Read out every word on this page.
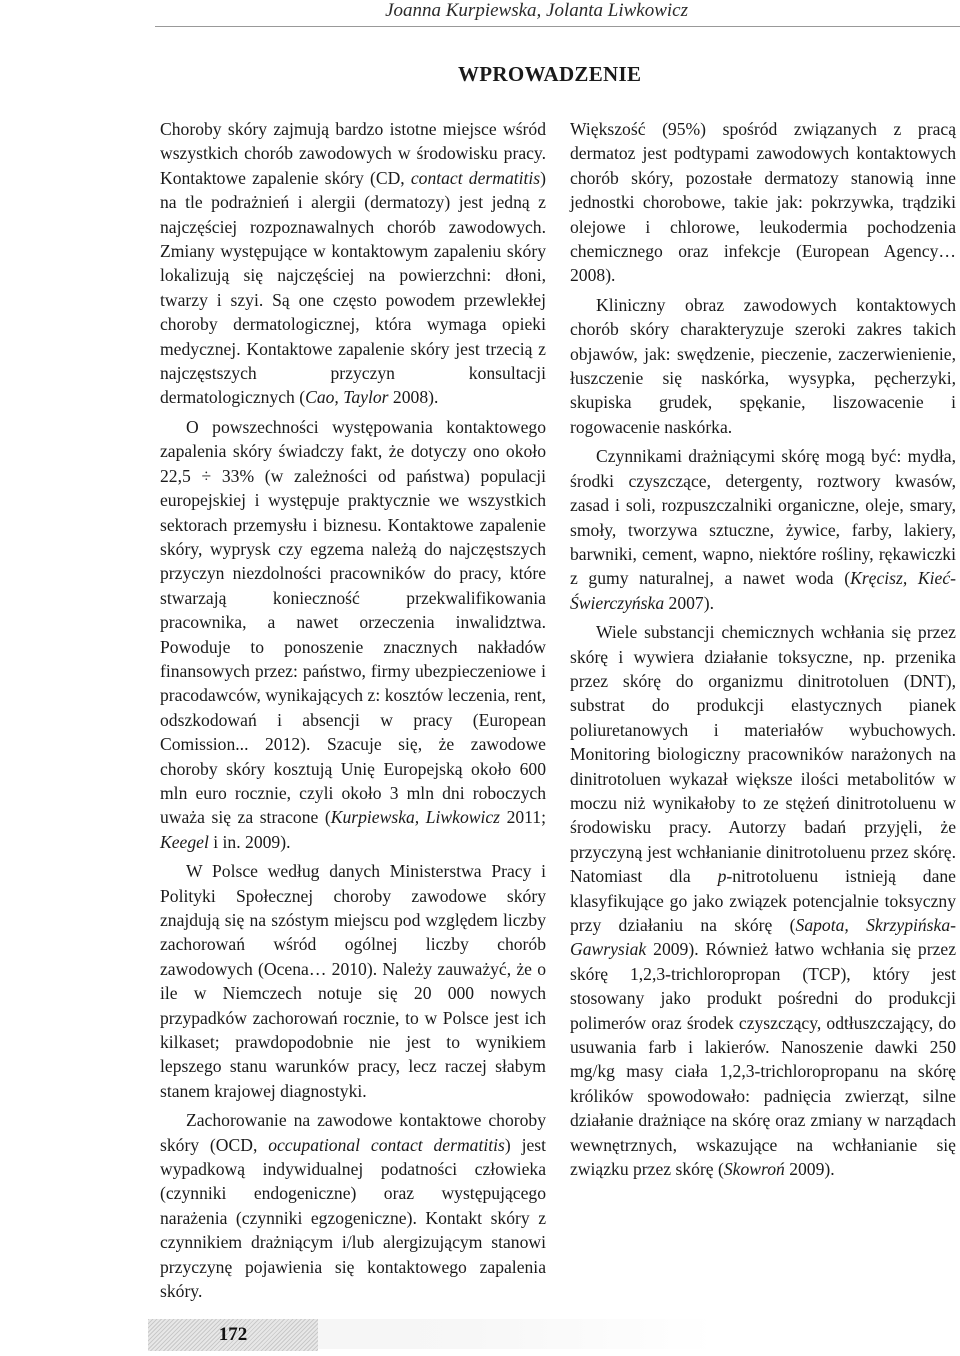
Joanna Kurpiewska, Jolanta Liwkowicz
WPROWADZENIE

Choroby skóry zajmują bardzo istotne miejsce wśród wszystkich chorób zawodowych w środowisku pracy. Kontaktowe zapalenie skóry (CD, contact dermatitis) na tle podrażnień i alergii (dermatozy) jest jedną z najczęściej rozpoznawalnych chorób zawodowych. Zmiany występujące w kontaktowym zapaleniu skóry lokalizują się najczęściej na powierzchni: dłoni, twarzy i szyi. Są one często powodem przewlekłej choroby dermatologicznej, która wymaga opieki medycznej. Kontaktowe zapalenie skóry jest trzecią z najczęstszych przyczyn konsultacji dermatologicznych (Cao, Taylor 2008).

O powszechności występowania kontaktowego zapalenia skóry świadczy fakt, że dotyczy ono około 22,5 ÷ 33% (w zależności od państwa) populacji europejskiej i występuje praktycznie we wszystkich sektorach przemysłu i biznesu. Kontaktowe zapalenie skóry, wyprysk czy egzema należą do najczęstszych przyczyn niezdolności pracowników do pracy, które stwarzają konieczność przekwalifikowania pracownika, a nawet orzeczenia inwalidztwa. Powoduje to ponoszenie znacznych nakładów finansowych przez: państwo, firmy ubezpieczeniowe i pracodawców, wynikających z: kosztów leczenia, rent, odszkodowań i absencji w pracy (European Comission... 2012). Szacuje się, że zawodowe choroby skóry kosztują Unię Europejską około 600 mln euro rocznie, czyli około 3 mln dni roboczych uważa się za stracone (Kurpiewska, Liwkowicz 2011; Keegel i in. 2009).

W Polsce według danych Ministerstwa Pracy i Polityki Społecznej choroby zawodowe skóry znajdują się na szóstym miejscu pod względem liczby zachorowań wśród ogólnej liczby chorób zawodowych (Ocena… 2010). Należy zauważyć, że o ile w Niemczech notuje się 20 000 nowych przypadków zachorowań rocznie, to w Polsce jest ich kilkaset; prawdopodobnie nie jest to wynikiem lepszego stanu warunków pracy, lecz raczej słabym stanem krajowej diagnostyki.

Zachorowanie na zawodowe kontaktowe choroby skóry (OCD, occupational contact dermatitis) jest wypadkową indywidualnej podatności człowieka (czynniki endogeniczne) oraz występującego narażenia (czynniki egzogeniczne). Kontakt skóry z czynnikiem drażniącym i/lub alergizującym stanowi przyczynę pojawienia się kontaktowego zapalenia skóry.

Większość (95%) spośród związanych z pracą dermatoz jest podtypami zawodowych kontaktowych chorób skóry, pozostałe dermatozy stanowią inne jednostki chorobowe, takie jak: pokrzywka, trądziki olejowe i chlorowe, leukodermia pochodzenia chemicznego oraz infekcje (European Agency… 2008).

Kliniczny obraz zawodowych kontaktowych chorób skóry charakteryzuje szeroki zakres takich objawów, jak: swędzenie, pieczenie, zaczerwienienie, łuszczenie się naskórka, wysypka, pęcherzyki, skupiska grudek, spękanie, liszowacenie i rogowacenie naskórka.

Czynnikami drażniącymi skórę mogą być: mydła, środki czyszczące, detergenty, roztwory kwasów, zasad i soli, rozpuszczalniki organiczne, oleje, smary, smoły, tworzywa sztuczne, żywice, farby, lakiery, barwniki, cement, wapno, niektóre rośliny, rękawiczki z gumy naturalnej, a nawet woda (Kręcisz, Kieć-Świerczyńska 2007).

Wiele substancji chemicznych wchłania się przez skórę i wywiera działanie toksyczne, np. przenika przez skórę do organizmu dinitrotoluen (DNT), substrat do produkcji elastycznych pianek poliuretanowych i materiałów wybuchowych. Monitoring biologiczny pracowników narażonych na dinitrotoluen wykazał większe ilości metabolitów w moczu niż wynikałoby to ze stężeń dinitrotoluenu w środowisku pracy. Autorzy badań przyjęli, że przyczyną jest wchłanianie dinitrotoluenu przez skórę. Natomiast dla p-nitrotoluenu istnieją dane klasyfikujące go jako związek potencjalnie toksyczny przy działaniu na skórę (Sapota, Skrzypińska-Gawrysiak 2009). Również łatwo wchłania się przez skórę 1,2,3-trichloropropan (TCP), który jest stosowany jako produkt pośredni do produkcji polimerów oraz środek czyszczący, odtłuszczający, do usuwania farb i lakierów. Nanoszenie dawki 250 mg/kg masy ciała 1,2,3-trichloropropanu na skórę królików spowodowało: padnięcia zwierząt, silne działanie drażniące na skórę oraz zmiany w narządach wewnętrznych, wskazujące na wchłanianie się związku przez skórę (Skowroń 2009).

172
